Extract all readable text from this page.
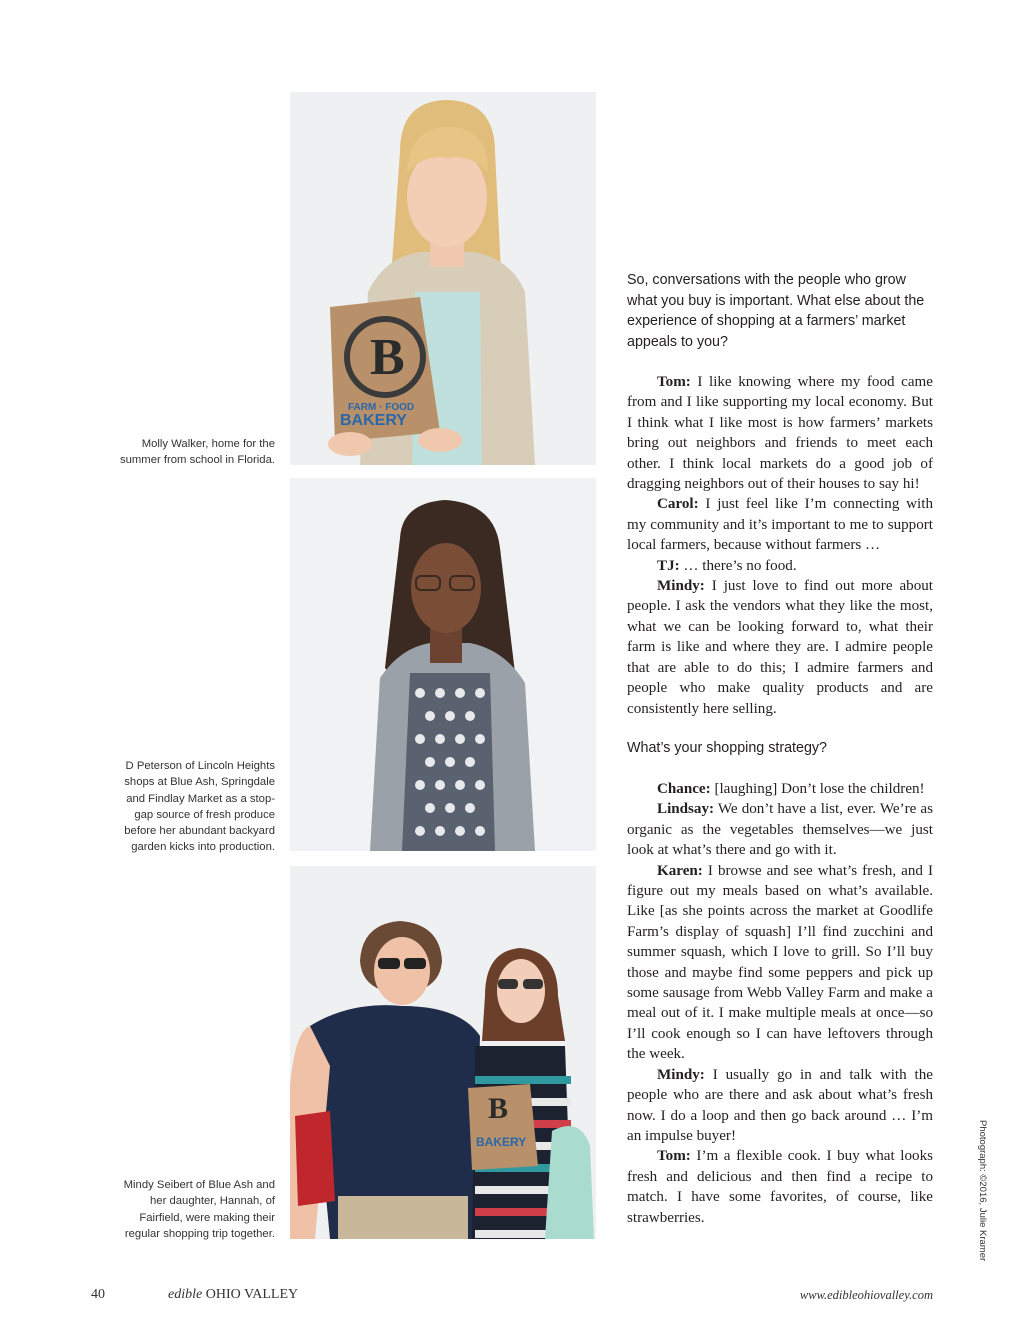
B
FARM · FOOD
BAKERY
Molly Walker, home for the summer from school in Florida.
D Peterson of Lincoln Heights shops at Blue Ash, Springdale and Findlay Market as a stop-gap source of fresh produce before her abundant backyard garden kicks into production.
B
BAKERY
Mindy Seibert of Blue Ash and her daughter, Hannah, of Fairfield, were making their regular shopping trip together.

So, conversations with the people who grow what you buy is important. What else about the experience of shopping at a farmers’ market appeals to you?

Tom: I like knowing where my food came from and I like supporting my local economy. But I think what I like most is how farmers’ markets bring out neighbors and friends to meet each other. I think local markets do a good job of dragging neighbors out of their houses to say hi!

Carol: I just feel like I’m connecting with my community and it’s important to me to support local farmers, because without farmers …

TJ: … there’s no food.

Mindy: I just love to find out more about people. I ask the vendors what they like the most, what we can be looking forward to, what their farm is like and where they are. I admire people that are able to do this; I admire farmers and people who make quality products and are consistently here selling.

What’s your shopping strategy?

Chance: [laughing] Don’t lose the children!

Lindsay: We don’t have a list, ever. We’re as organic as the vegetables themselves—we just look at what’s there and go with it.

Karen: I browse and see what’s fresh, and I figure out my meals based on what’s available. Like [as she points across the market at Goodlife Farm’s display of squash] I’ll find zucchini and summer squash, which I love to grill. So I’ll buy those and maybe find some peppers and pick up some sausage from Webb Valley Farm and make a meal out of it. I make multiple meals at once—so I’ll cook enough so I can have leftovers through the week.

Mindy: I usually go in and talk with the people who are there and ask about what’s fresh now. I do a loop and then go back around … I’m an impulse buyer!

Tom: I’m a flexible cook. I buy what looks fresh and delicious and then find a recipe to match. I have some favorites, of course, like strawberries.	Photograph: ©2016, Julie Kramer
40	edible OHIO VALLEY	www.edibleohiovalley.com
